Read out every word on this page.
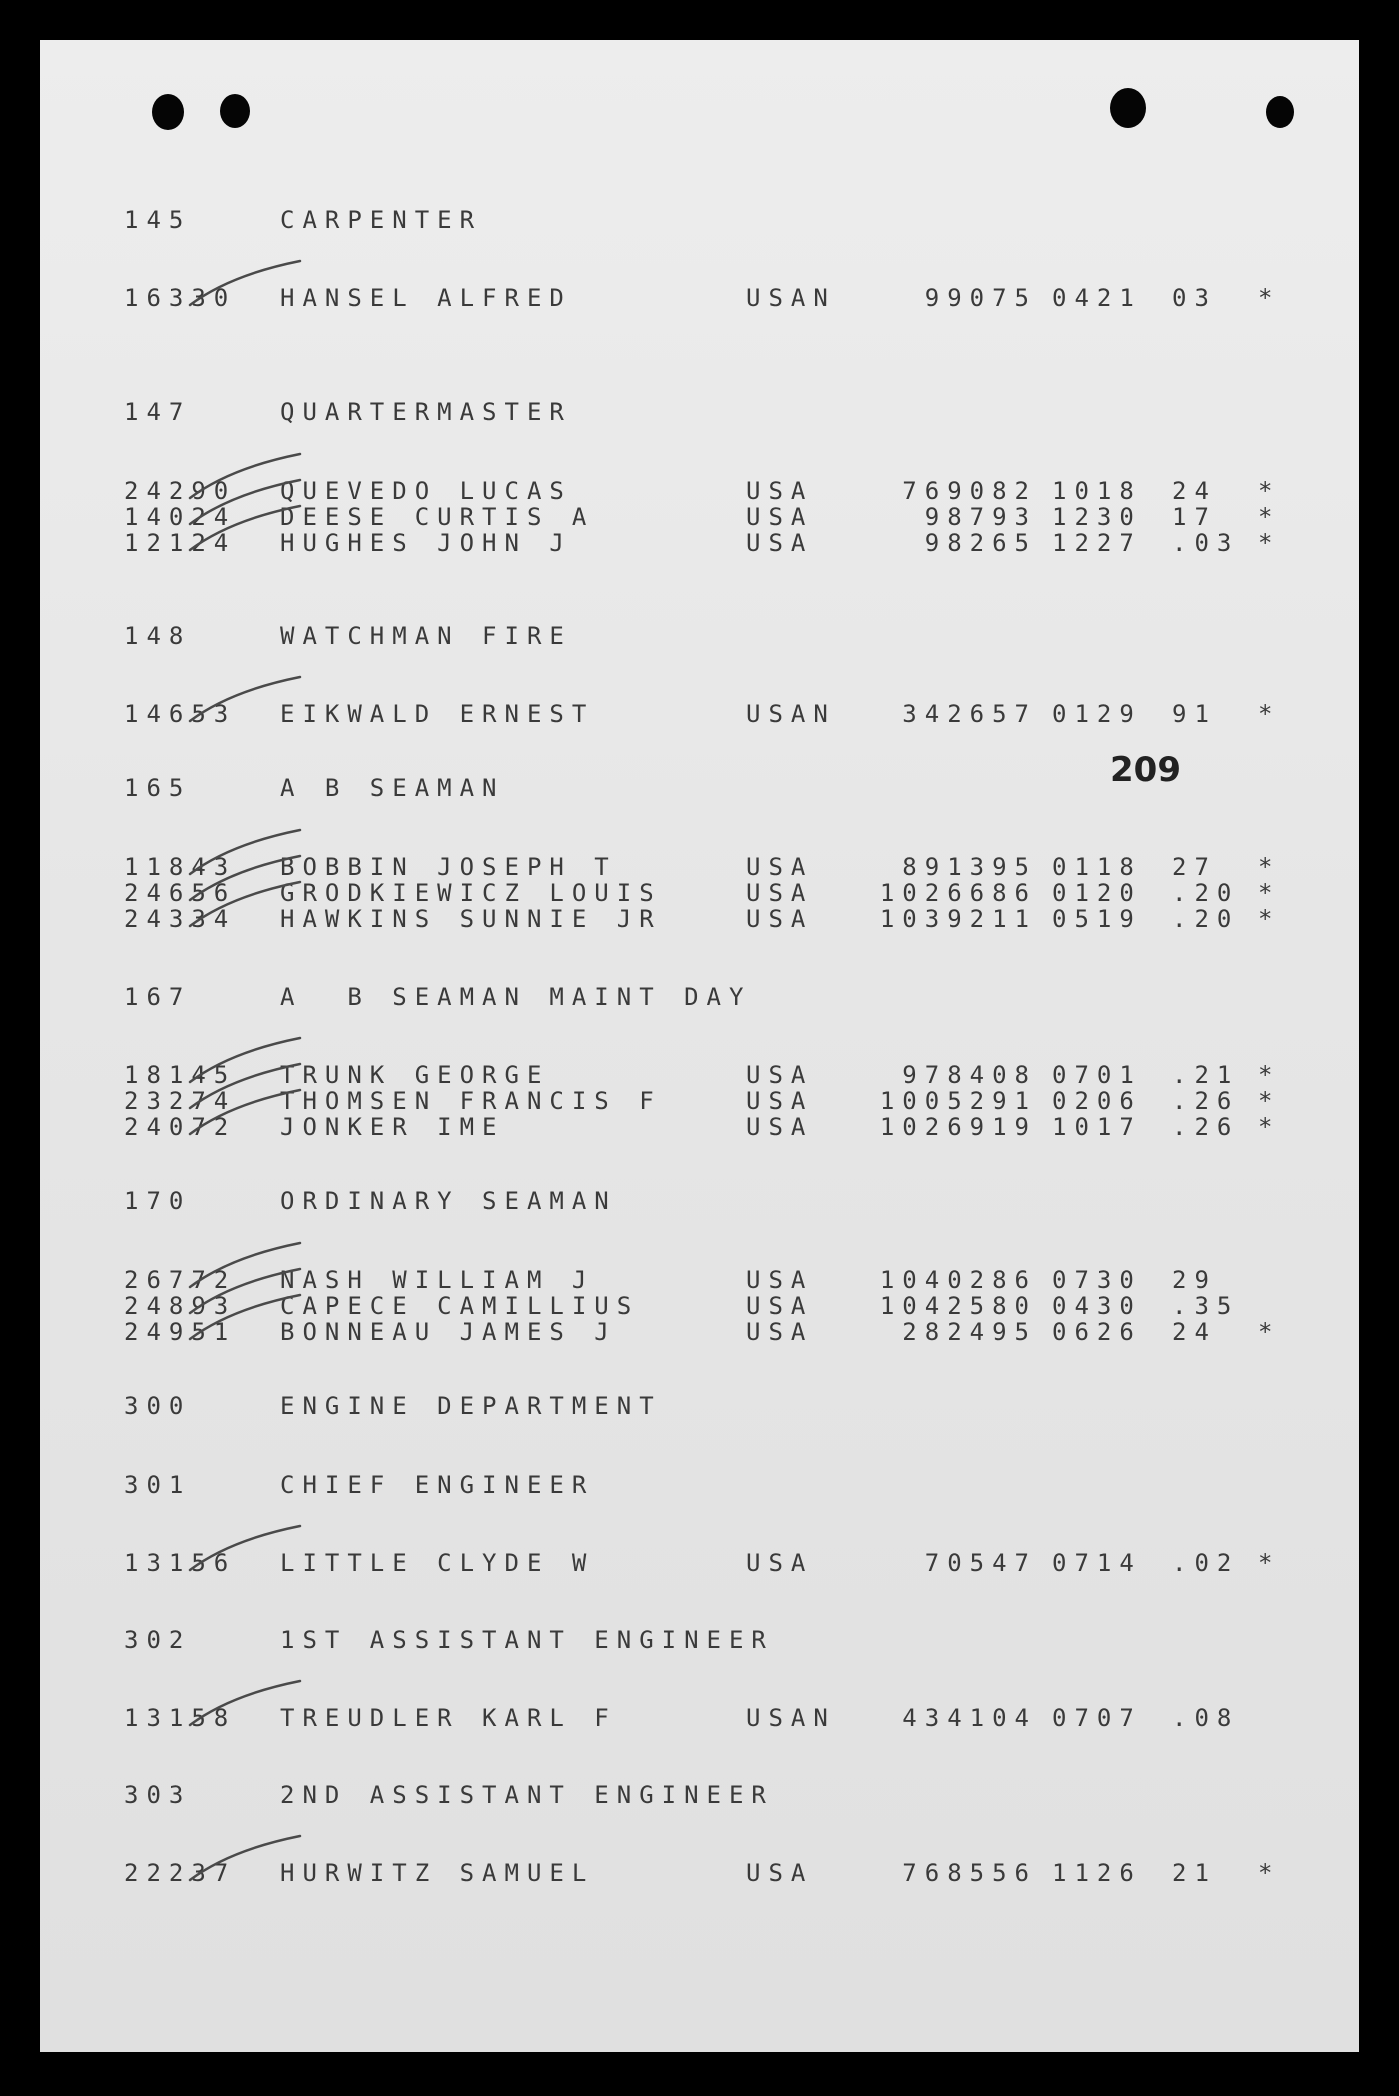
209
145	CARPENTER
16330 HANSEL ALFRED	USAN	99075 0421 03 *
147	QUARTERMASTER
24290 QUEVEDO LUCAS	USA	769082 1018 24 *
14024 DEESE CURTIS A	USA	98793 1230 17 *
12124 HUGHES JOHN J	USA	98265 1227 .03 *
148	WATCHMAN FIRE
14653 EIKWALD ERNEST	USAN	342657 0129 91 *
165	A B SEAMAN
11843 BOBBIN JOSEPH T	USA	891395 0118 27 *
24656 GRODKIEWICZ LOUIS	USA	1026686 0120 .20 *
24334 HAWKINS SUNNIE JR	USA	1039211 0519 .20 *
167	A  B SEAMAN MAINT DAY
18145 TRUNK GEORGE	USA	978408 0701 .21 *
23274 THOMSEN FRANCIS F	USA	1005291 0206 .26 *
24072 JONKER IME	USA	1026919 1017 .26 *
170	ORDINARY SEAMAN
26772 NASH WILLIAM J	USA	1040286 0730 29
24893 CAPECE CAMILLIUS	USA	1042580 0430 .35
24951 BONNEAU JAMES J	USA	282495 0626 24 *
300	ENGINE DEPARTMENT
301	CHIEF ENGINEER
13156 LITTLE CLYDE W	USA	70547 0714 .02 *
302	1ST ASSISTANT ENGINEER
13158 TREUDLER KARL F	USAN	434104 0707 .08
303	2ND ASSISTANT ENGINEER
22237 HURWITZ SAMUEL	USA	768556 1126 21 *
